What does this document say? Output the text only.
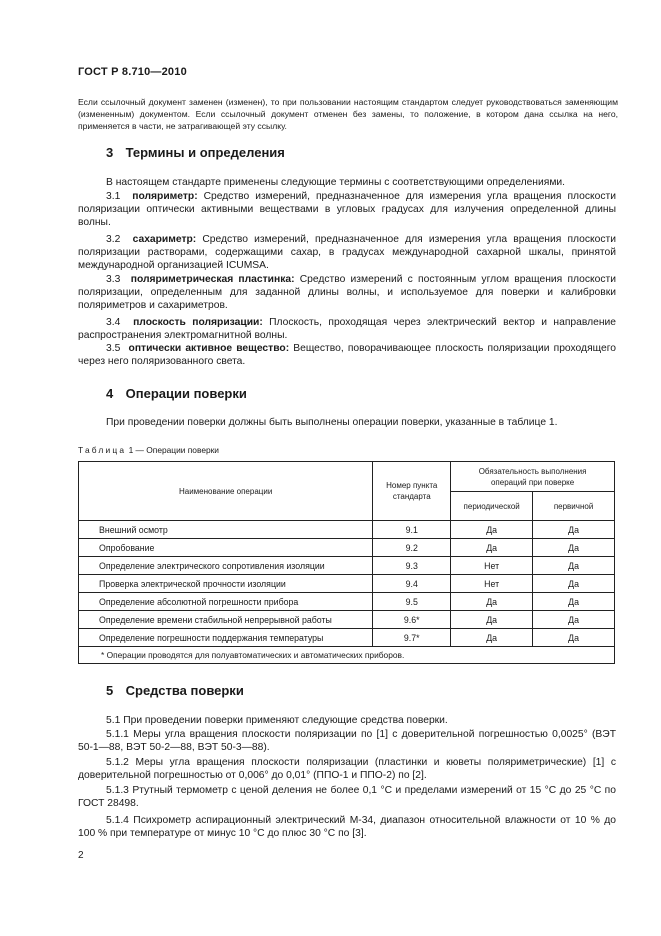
ГОСТ Р 8.710—2010
Если ссылочный документ заменен (изменен), то при пользовании настоящим стандартом следует руководствоваться заменяющим (измененным) документом. Если ссылочный документ отменен без замены, то положение, в котором дана ссылка на него, применяется в части, не затрагивающей эту ссылку.
3 Термины и определения
В настоящем стандарте применены следующие термины с соответствующими определениями.
3.1 поляриметр: Средство измерений, предназначенное для измерения угла вращения плоскости поляризации оптически активными веществами в угловых градусах для излучения определенной длины волны.
3.2 сахариметр: Средство измерений, предназначенное для измерения угла вращения плоскости поляризации растворами, содержащими сахар, в градусах международной сахарной шкалы, принятой международной организацией ICUMSA.
3.3 поляриметрическая пластинка: Средство измерений с постоянным углом вращения плоскости поляризации, определенным для заданной длины волны, и используемое для поверки и калибровки поляриметров и сахариметров.
3.4 плоскость поляризации: Плоскость, проходящая через электрический вектор и направление распространения электромагнитной волны.
3.5 оптически активное вещество: Вещество, поворачивающее плоскость поляризации проходящего через него поляризованного света.
4 Операции поверки
При проведении поверки должны быть выполнены операции поверки, указанные в таблице 1.
Таблица 1 — Операции поверки
Наименование операции	Номер пункта стандарта	Обязательность выполнения операций при поверке	
		периодической	первичной
Внешний осмотр	9.1	Да	Да
Опробование	9.2	Да	Да
Определение электрического сопротивления изоляции	9.3	Нет	Да
Проверка электрической прочности изоляции	9.4	Нет	Да
Определение абсолютной погрешности прибора	9.5	Да	Да
Определение времени стабильной непрерывной работы	9.6*	Да	Да
Определение погрешности поддержания температуры	9.7*	Да	Да
* Операции проводятся для полуавтоматических и автоматических приборов.			
5 Средства поверки
5.1 При проведении поверки применяют следующие средства поверки.
5.1.1 Меры угла вращения плоскости поляризации по [1] с доверительной погрешностью 0,0025° (ВЭТ 50-1—88, ВЭТ 50-2—88, ВЭТ 50-3—88).
5.1.2 Меры угла вращения плоскости поляризации (пластинки и кюветы поляриметрические) [1] с доверительной погрешностью от 0,006° до 0,01° (ППО-1 и ППО-2) по [2].
5.1.3 Ртутный термометр с ценой деления не более 0,1 °С и пределами измерений от 15 °С до 25 °С по ГОСТ 28498.
5.1.4 Психрометр аспирационный электрический М-34, диапазон относительной влажности от 10 % до 100 % при температуре от минус 10 °С до плюс 30 °С по [3].
2
